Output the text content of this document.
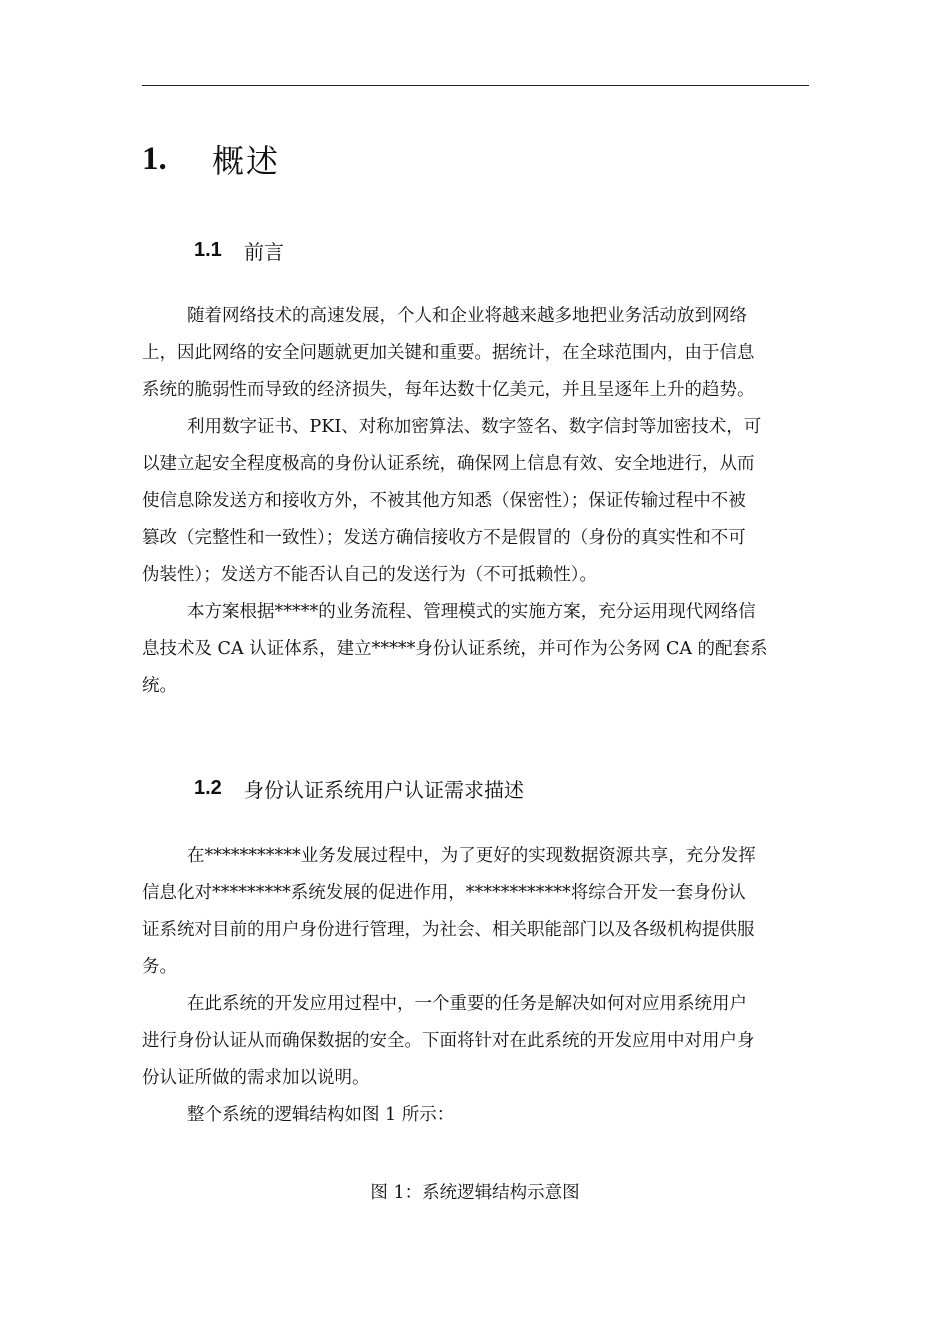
1.	概述
1.1	前言
随着网络技术的高速发展，个人和企业将越来越多地把业务活动放到网络
上，因此网络的安全问题就更加关键和重要。据统计，在全球范围内，由于信息
系统的脆弱性而导致的经济损失，每年达数十亿美元，并且呈逐年上升的趋势。
利用数字证书、PKI、对称加密算法、数字签名、数字信封等加密技术，可
以建立起安全程度极高的身份认证系统，确保网上信息有效、安全地进行，从而
使信息除发送方和接收方外，不被其他方知悉（保密性）；保证传输过程中不被
篡改（完整性和一致性）；发送方确信接收方不是假冒的（身份的真实性和不可
伪装性）；发送方不能否认自己的发送行为（不可抵赖性）。
本方案根据*****的业务流程、管理模式的实施方案，充分运用现代网络信
息技术及 CA 认证体系，建立*****身份认证系统，并可作为公务网 CA 的配套系
统。
1.2	身份认证系统用户认证需求描述
在***********业务发展过程中，为了更好的实现数据资源共享，充分发挥
信息化对*********系统发展的促进作用，************将综合开发一套身份认
证系统对目前的用户身份进行管理，为社会、相关职能部门以及各级机构提供服
务。
在此系统的开发应用过程中，一个重要的任务是解决如何对应用系统用户
进行身份认证从而确保数据的安全。下面将针对在此系统的开发应用中对用户身
份认证所做的需求加以说明。
整个系统的逻辑结构如图 1 所示：
图 1：系统逻辑结构示意图
